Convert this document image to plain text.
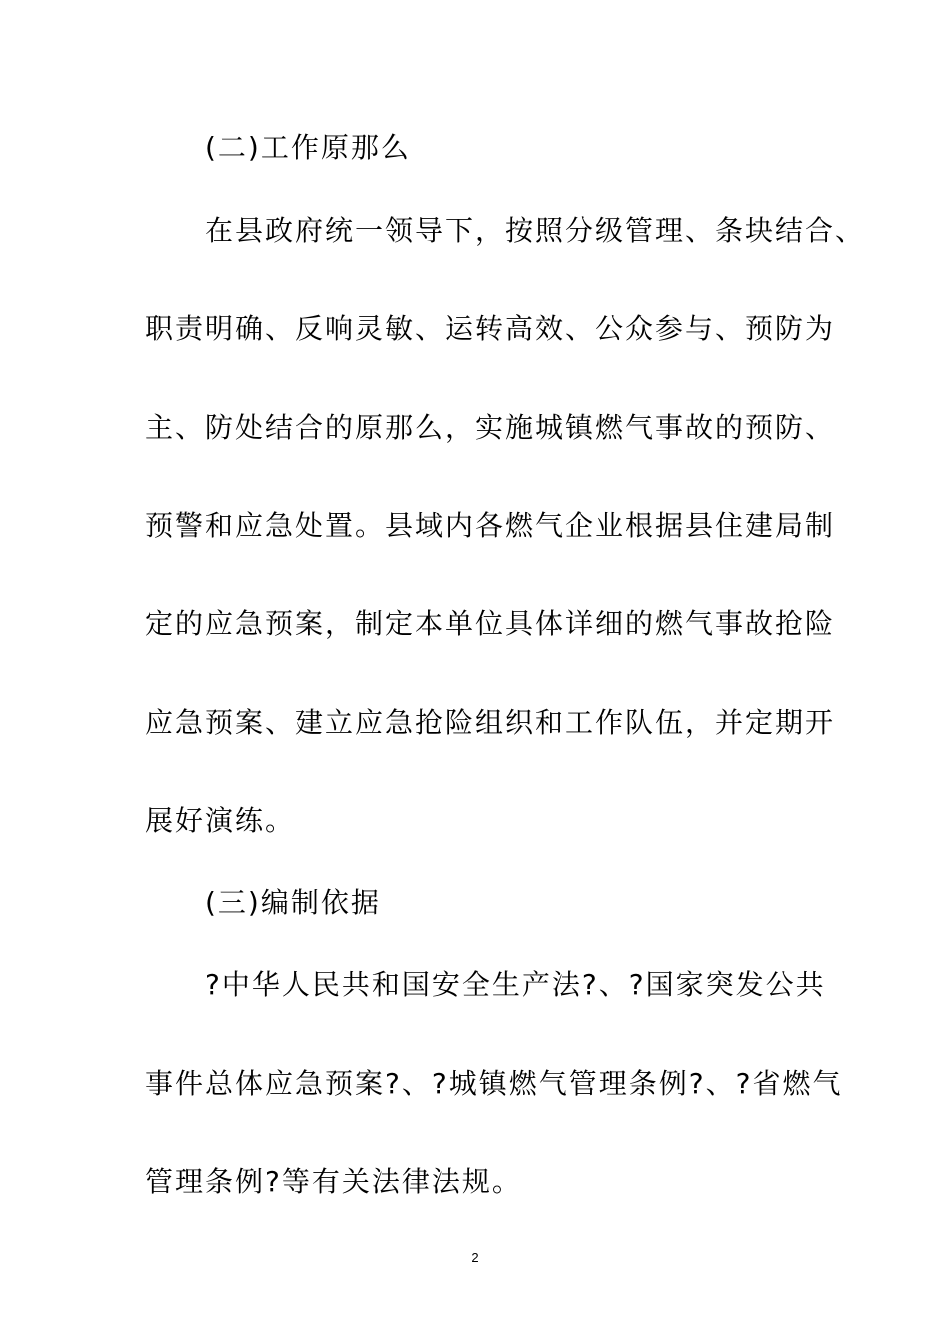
(二)工作原那么
在县政府统一领导下，按照分级管理、条块结合、
职责明确、反响灵敏、运转高效、公众参与、预防为
主、防处结合的原那么，实施城镇燃气事故的预防、
预警和应急处置。县域内各燃气企业根据县住建局制
定的应急预案，制定本单位具体详细的燃气事故抢险
应急预案、建立应急抢险组织和工作队伍，并定期开
展好演练。
(三)编制依据
?中华人民共和国安全生产法?、?国家突发公共
事件总体应急预案?、?城镇燃气管理条例?、?省燃气
管理条例?等有关法律法规。
2
